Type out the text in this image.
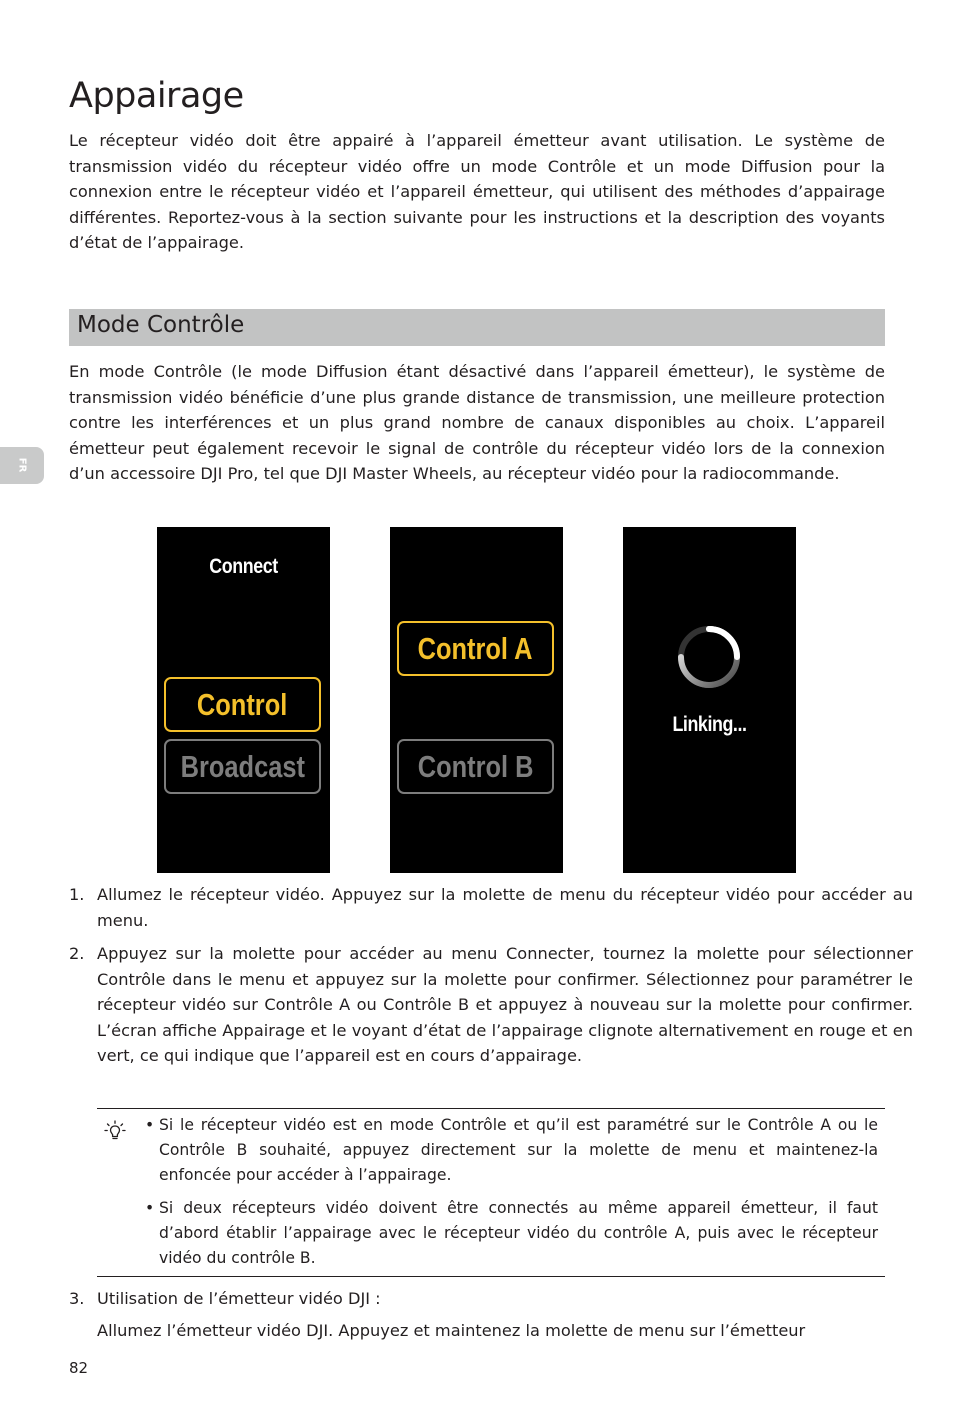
Appairage

Le récepteur vidéo doit être appairé à l’appareil émetteur avant utilisation. Le système de transmission vidéo du récepteur vidéo offre un mode Contrôle et un mode Diffusion pour la connexion entre le récepteur vidéo et l’appareil émetteur, qui utilisent des méthodes d’appairage différentes. Reportez-vous à la section suivante pour les instructions et la description des voyants d’état de l’appairage.

Mode Contrôle

En mode Contrôle (le mode Diffusion étant désactivé dans l’appareil émetteur), le système de transmission vidéo bénéficie d’une plus grande distance de transmission, une meilleure protection contre les interférences et un plus grand nombre de canaux disponibles au choix. L’appareil émetteur peut également recevoir le signal de contrôle du récepteur vidéo lors de la connexion d’un accessoire DJI Pro, tel que DJI Master Wheels, au récepteur vidéo pour la radiocommande.

FR
Connect
Control
Broadcast
Control A
Control B
Linking...
1. Allumez le récepteur vidéo. Appuyez sur la molette de menu du récepteur vidéo pour accéder au menu.
2. Appuyez sur la molette pour accéder au menu Connecter, tournez la molette pour sélectionner Contrôle dans le menu et appuyez sur la molette pour confirmer. Sélectionnez pour paramétrer le récepteur vidéo sur Contrôle A ou Contrôle B et appuyez à nouveau sur la molette pour confirmer. L’écran affiche Appairage et le voyant d’état de l’appairage clignote alternativement en rouge et en vert, ce qui indique que l’appareil est en cours d’appairage.
• Si le récepteur vidéo est en mode Contrôle et qu’il est paramétré sur le Contrôle A ou le Contrôle B souhaité, appuyez directement sur la molette de menu et maintenez-la enfoncée pour accéder à l’appairage.
• Si deux récepteurs vidéo doivent être connectés au même appareil émetteur, il faut d’abord établir l’appairage avec le récepteur vidéo du contrôle A, puis avec le récepteur vidéo du contrôle B.
3. Utilisation de l’émetteur vidéo DJI :

Allumez l’émetteur vidéo DJI. Appuyez et maintenez la molette de menu sur l’émetteur

82
